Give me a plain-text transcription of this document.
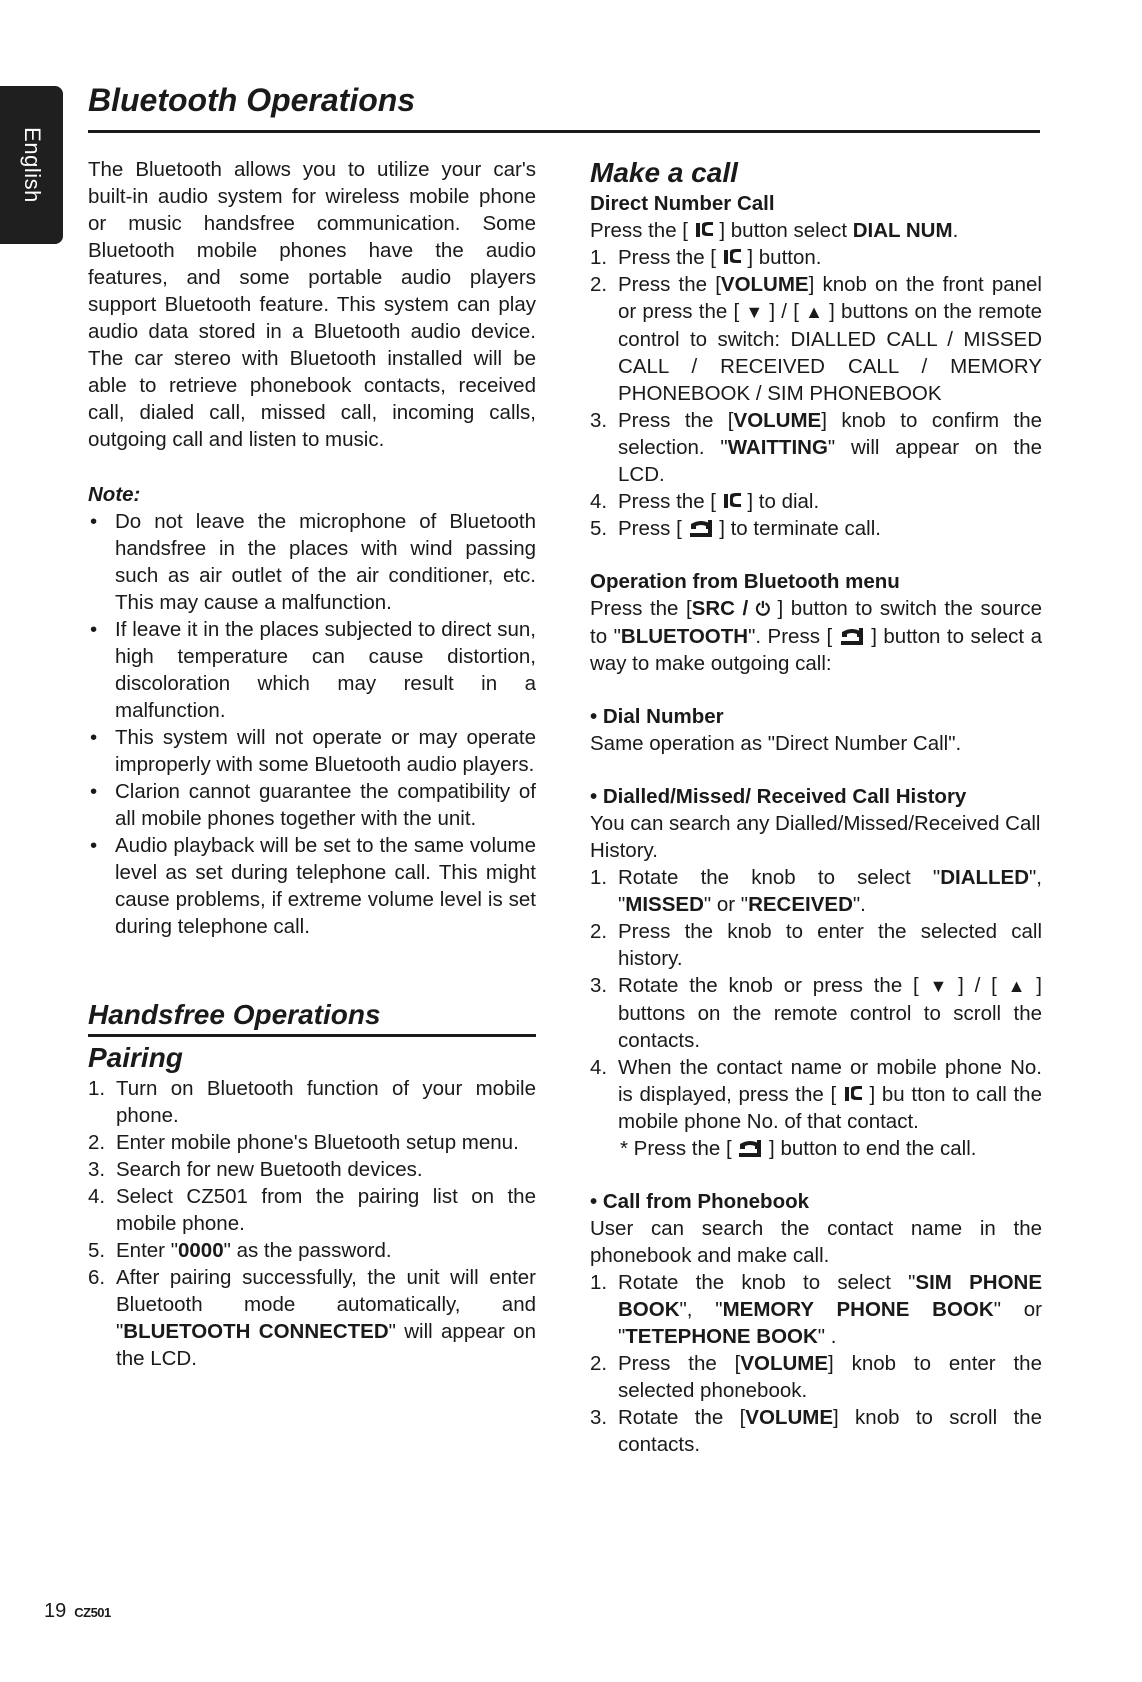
English
Bluetooth Operations

The Bluetooth allows you to utilize your car's built-in audio system for wireless mobile phone or music handsfree communication. Some Bluetooth mobile phones have the audio features, and some portable audio players support Bluetooth feature. This system can play audio data stored in a Bluetooth audio device. The car stereo with Bluetooth installed will be able to retrieve phonebook contacts, received call, dialed call, missed call, incoming calls, outgoing call and listen to music.

Note:

• Do not leave the microphone of Bluetooth handsfree in the places with wind passing such as air outlet of the air conditioner, etc. This may cause a malfunction.
• If leave it in the places subjected to direct sun, high temperature can cause distortion, discoloration which may result in a malfunction.
• This system will not operate or may operate improperly with some Bluetooth audio players.
• Clarion cannot guarantee the compatibility of all mobile phones together with the unit.
• Audio playback will be set to the same volume level as set during telephone call. This might cause problems, if extreme volume level is set during telephone call.
Handsfree Operations
Pairing
1. Turn on Bluetooth function of your mobile phone.
2. Enter mobile phone's Bluetooth setup menu.
3. Search for new Buetooth devices.
4. Select CZ501 from the pairing list on the mobile phone.
5. Enter "0000" as the password.
6. After pairing successfully, the unit will enter Bluetooth mode automatically, and "BLUETOOTH CONNECTED" will appear on the LCD.
Make a call

Direct Number Call

Press the [  ] button select DIAL NUM.

1. Press the [  ] button.
2. Press the [VOLUME] knob on the front panel or press the [ ▼ ] / [ ▲ ] buttons on the remote control to switch: DIALLED CALL / MISSED CALL / RECEIVED CALL / MEMORY PHONEBOOK / SIM PHONEBOOK
3. Press the [VOLUME] knob to confirm the selection. "WAITTING" will appear on the LCD.
4. Press the [  ] to dial.
5. Press [  ] to terminate call.

Operation from Bluetooth menu

Press the [SRC / ⏻ ] button to switch the source to "BLUETOOTH". Press [  ] button to select a way to make outgoing call:

• Dial Number

Same operation as "Direct Number Call".

• Dialled/Missed/ Received Call History

You can search any Dialled/Missed/Received Call History.

1. Rotate the knob to select "DIALLED", "MISSED" or "RECEIVED".
2. Press the knob to enter the selected call history.
3. Rotate the knob or press the [ ▼ ] / [ ▲ ] buttons on the remote control to scroll the contacts.
4. When the contact name or mobile phone No. is displayed, press the [  ] bu tton to call the mobile phone No. of that contact.

* Press the [  ] button to end the call.

• Call from Phonebook

User can search the contact name in the phonebook and make call.

1. Rotate the knob to select "SIM PHONE BOOK", "MEMORY PHONE BOOK" or "TETEPHONE BOOK" .
2. Press the [VOLUME] knob to enter the selected phonebook.
3. Rotate the [VOLUME] knob to scroll the contacts.
19 CZ501
